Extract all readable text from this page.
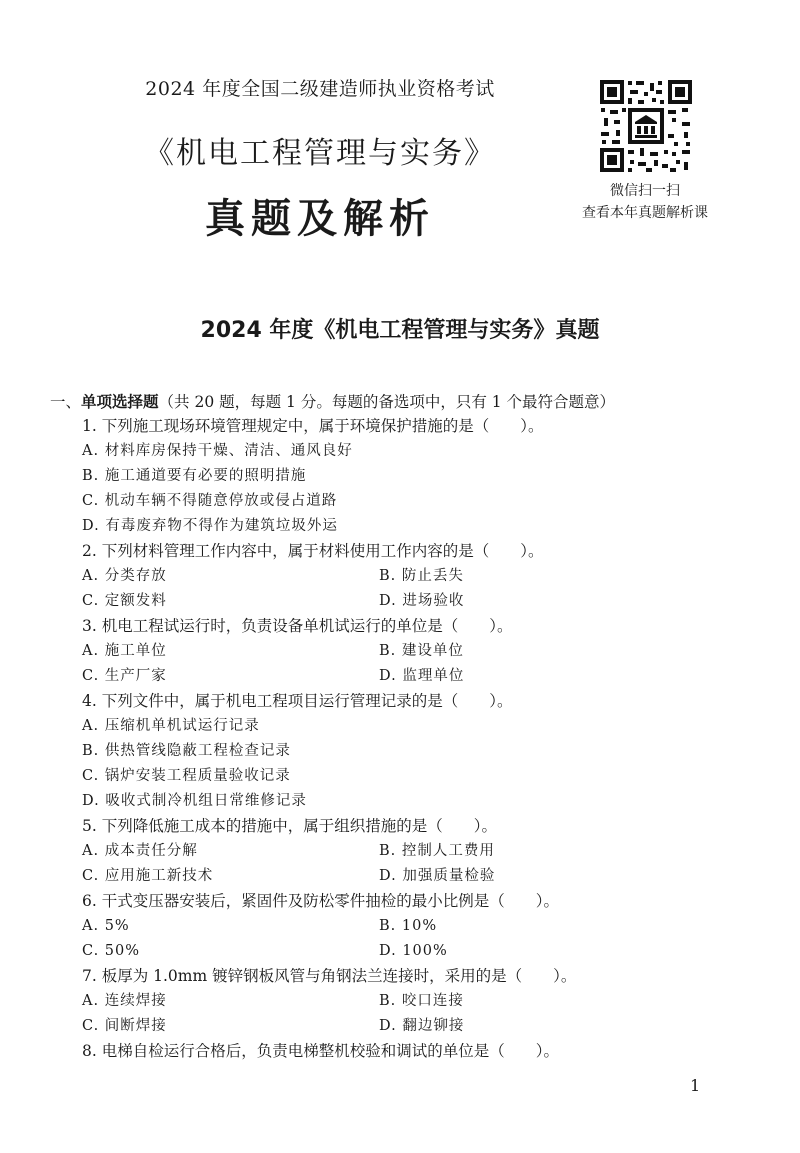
2024 年度全国二级建造师执业资格考试
《机电工程管理与实务》
真题及解析
微信扫一扫
查看本年真题解析课
2024 年度《机电工程管理与实务》真题
一、单项选择题（共 20 题，每题 1 分。每题的备选项中，只有 1 个最符合题意）
1. 下列施工现场环境管理规定中，属于环境保护措施的是（　　）。
A. 材料库房保持干燥、清洁、通风良好
B. 施工通道要有必要的照明措施
C. 机动车辆不得随意停放或侵占道路
D. 有毒废弃物不得作为建筑垃圾外运
2. 下列材料管理工作内容中，属于材料使用工作内容的是（　　）。
A. 分类存放	B. 防止丢失
C. 定额发料	D. 进场验收
3. 机电工程试运行时，负责设备单机试运行的单位是（　　）。
A. 施工单位	B. 建设单位
C. 生产厂家	D. 监理单位
4. 下列文件中，属于机电工程项目运行管理记录的是（　　）。
A. 压缩机单机试运行记录
B. 供热管线隐蔽工程检查记录
C. 锅炉安装工程质量验收记录
D. 吸收式制冷机组日常维修记录
5. 下列降低施工成本的措施中，属于组织措施的是（　　）。
A. 成本责任分解	B. 控制人工费用
C. 应用施工新技术	D. 加强质量检验
6. 干式变压器安装后，紧固件及防松零件抽检的最小比例是（　　）。
A. 5%	B. 10%
C. 50%	D. 100%
7. 板厚为 1.0mm 镀锌钢板风管与角钢法兰连接时，采用的是（　　）。
A. 连续焊接	B. 咬口连接
C. 间断焊接	D. 翻边铆接
8. 电梯自检运行合格后，负责电梯整机校验和调试的单位是（　　）。
1
